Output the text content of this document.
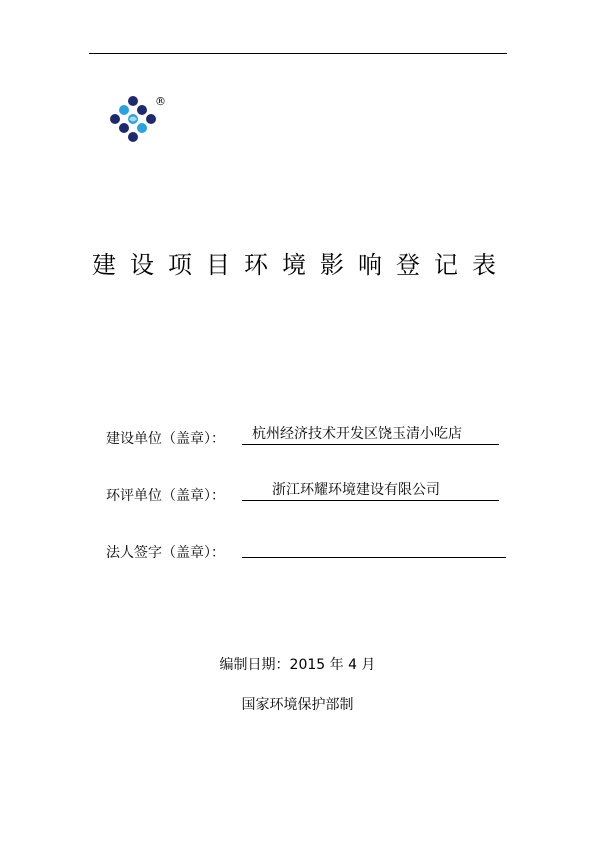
®
建设项目环境影响登记表
建设单位（盖章）：	杭州经济技术开发区饶玉清小吃店
环评单位（盖章）：	浙江环耀环境建设有限公司
法人签字（盖章）：
编制日期：2015 年 4 月
国家环境保护部制
